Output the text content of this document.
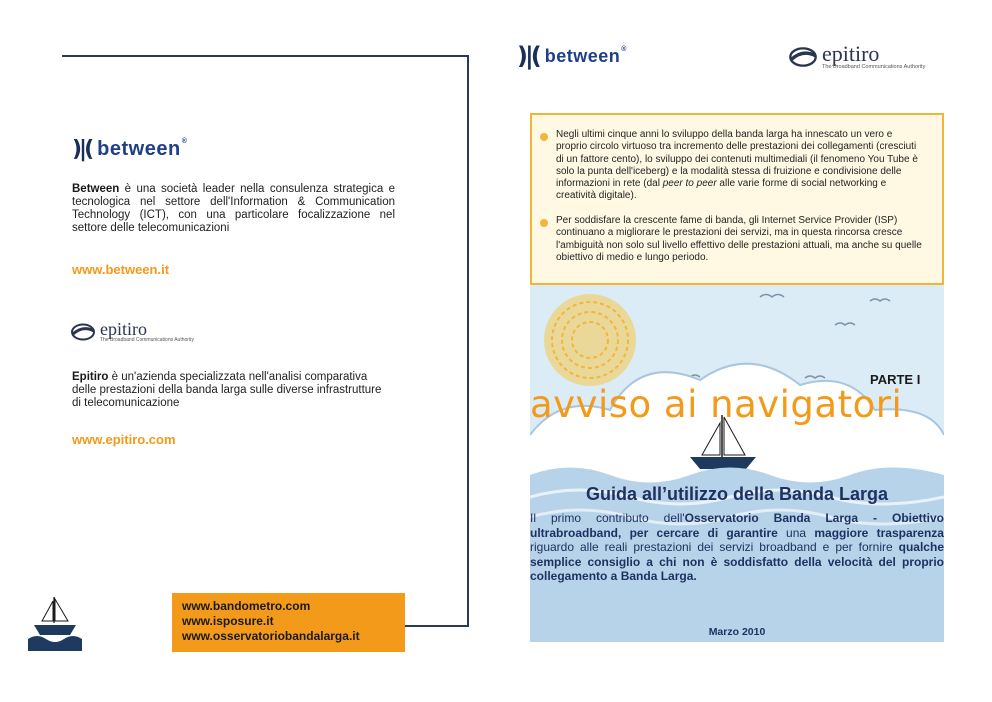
)|( between®
Between è una società leader nella consulenza strategica e tecnologica nel settore dell'Information & Communication Technology (ICT), con una particolare focalizzazione nel settore delle telecomunicazioni
www.between.it
epitiro
The Broadband Communications Authority
Epitiro è un'azienda specializzata nell'analisi comparativa delle prestazioni della banda larga sulle diverse infrastrutture di telecomunicazione
www.epitiro.com
www.bandometro.com
www.isposure.it
www.osservatoriobandalarga.it
)|( between®	epitiro
The Broadband Communications Authority
Negli ultimi cinque anni lo sviluppo della banda larga ha innescato un vero e proprio circolo virtuoso tra incremento delle prestazioni dei collegamenti (cresciuti di un fattore cento), lo sviluppo dei contenuti multimediali (il fenomeno You Tube è solo la punta dell'iceberg) e la modalità stessa di fruizione e condivisione delle informazioni in rete (dal peer to peer alle varie forme di social networking e creatività digitale).
Per soddisfare la crescente fame di banda, gli Internet Service Provider (ISP) continuano a migliorare le prestazioni dei servizi, ma in questa rincorsa cresce l'ambiguità non solo sul livello effettivo delle prestazioni attuali, ma anche su quelle obiettivo di medio e lungo periodo.
PARTE I
avviso ai navigatori
Guida all’utilizzo della Banda Larga
Il primo contributo dell'Osservatorio Banda Larga - Obiettivo ultrabroadband, per cercare di garantire una maggiore trasparenza riguardo alle reali prestazioni dei servizi broadband e per fornire qualche semplice consiglio a chi non è soddisfatto della velocità del proprio collegamento a Banda Larga.
Marzo 2010
